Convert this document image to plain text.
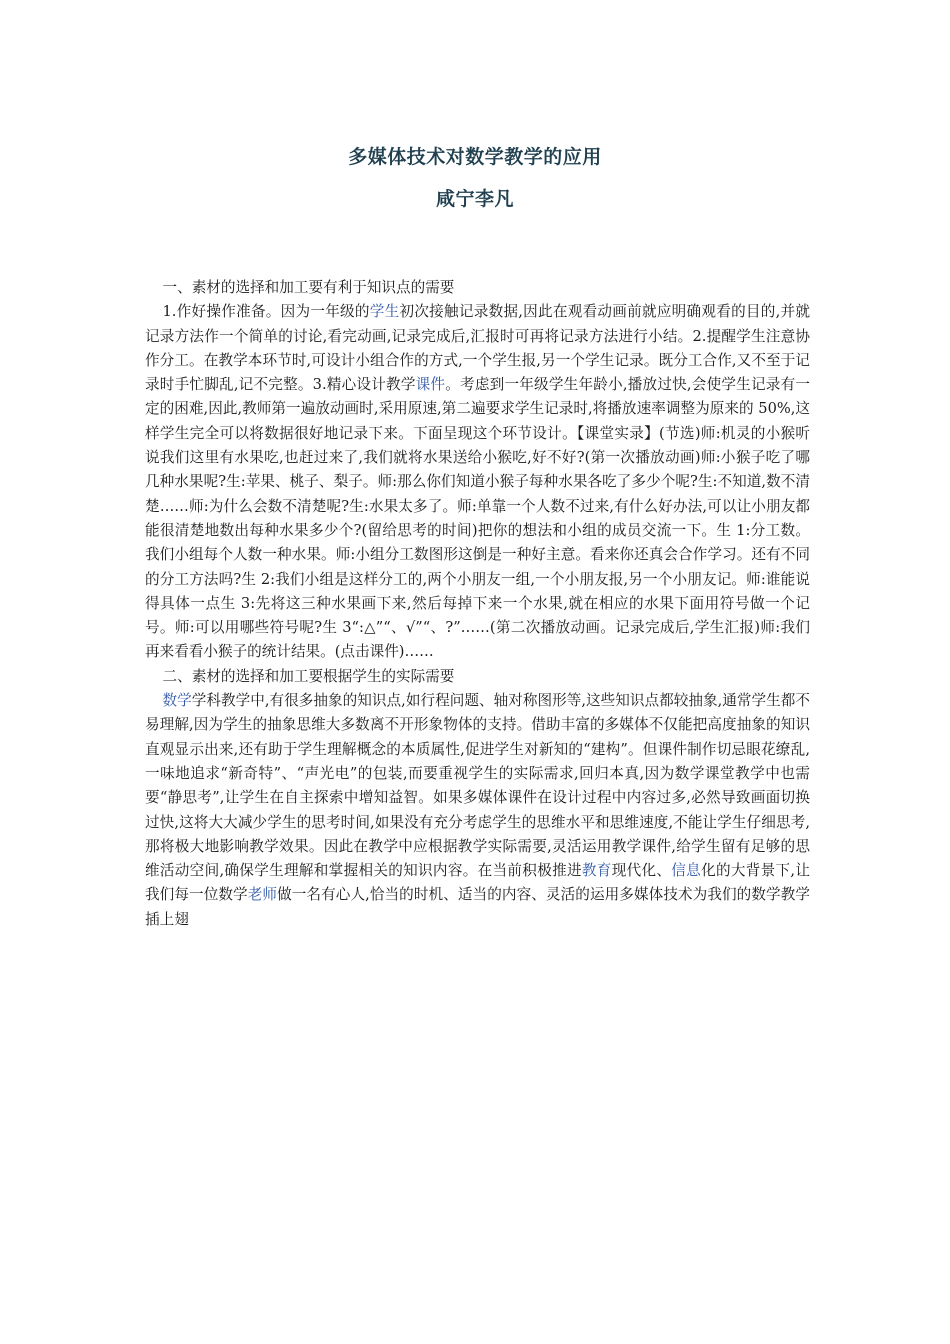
多媒体技术对数学教学的应用
咸宁李凡

一、素材的选择和加工要有利于知识点的需要

1.作好操作准备。因为一年级的学生初次接触记录数据,因此在观看动画前就应明确观看的目的,并就记录方法作一个简单的讨论,看完动画,记录完成后,汇报时可再将记录方法进行小结。2.提醒学生注意协作分工。在教学本环节时,可设计小组合作的方式,一个学生报,另一个学生记录。既分工合作,又不至于记录时手忙脚乱,记不完整。3.精心设计教学课件。考虑到一年级学生年龄小,播放过快,会使学生记录有一定的困难,因此,教师第一遍放动画时,采用原速,第二遍要求学生记录时,将播放速率调整为原来的 50%,这样学生完全可以将数据很好地记录下来。下面呈现这个环节设计。【课堂实录】(节选)师:机灵的小猴听说我们这里有水果吃,也赶过来了,我们就将水果送给小猴吃,好不好?(第一次播放动画)师:小猴子吃了哪几种水果呢?生:苹果、桃子、梨子。师:那么你们知道小猴子每种水果各吃了多少个呢?生:不知道,数不清楚……师:为什么会数不清楚呢?生:水果太多了。师:单靠一个人数不过来,有什么好办法,可以让小朋友都能很清楚地数出每种水果多少个?(留给思考的时间)把你的想法和小组的成员交流一下。生 1:分工数。我们小组每个人数一种水果。师:小组分工数图形这倒是一种好主意。看来你还真会合作学习。还有不同的分工方法吗?生 2:我们小组是这样分工的,两个小朋友一组,一个小朋友报,另一个小朋友记。师:谁能说得具体一点生 3:先将这三种水果画下来,然后每掉下来一个水果,就在相应的水果下面用符号做一个记号。师:可以用哪些符号呢?生 3“:△”“、√”“、?”……(第二次播放动画。记录完成后,学生汇报)师:我们再来看看小猴子的统计结果。(点击课件)……

二、素材的选择和加工要根据学生的实际需要

数学学科教学中,有很多抽象的知识点,如行程问题、轴对称图形等,这些知识点都较抽象,通常学生都不易理解,因为学生的抽象思维大多数离不开形象物体的支持。借助丰富的多媒体不仅能把高度抽象的知识直观显示出来,还有助于学生理解概念的本质属性,促进学生对新知的“建构”。但课件制作切忌眼花缭乱,一味地追求“新奇特”、“声光电”的包装,而要重视学生的实际需求,回归本真,因为数学课堂教学中也需要“静思考”,让学生在自主探索中增知益智。如果多媒体课件在设计过程中内容过多,必然导致画面切换过快,这将大大减少学生的思考时间,如果没有充分考虑学生的思维水平和思维速度,不能让学生仔细思考,那将极大地影响教学效果。因此在教学中应根据教学实际需要,灵活运用教学课件,给学生留有足够的思维活动空间,确保学生理解和掌握相关的知识内容。在当前积极推进教育现代化、信息化的大背景下,让我们每一位数学老师做一名有心人,恰当的时机、适当的内容、灵活的运用多媒体技术为我们的数学教学插上翅
